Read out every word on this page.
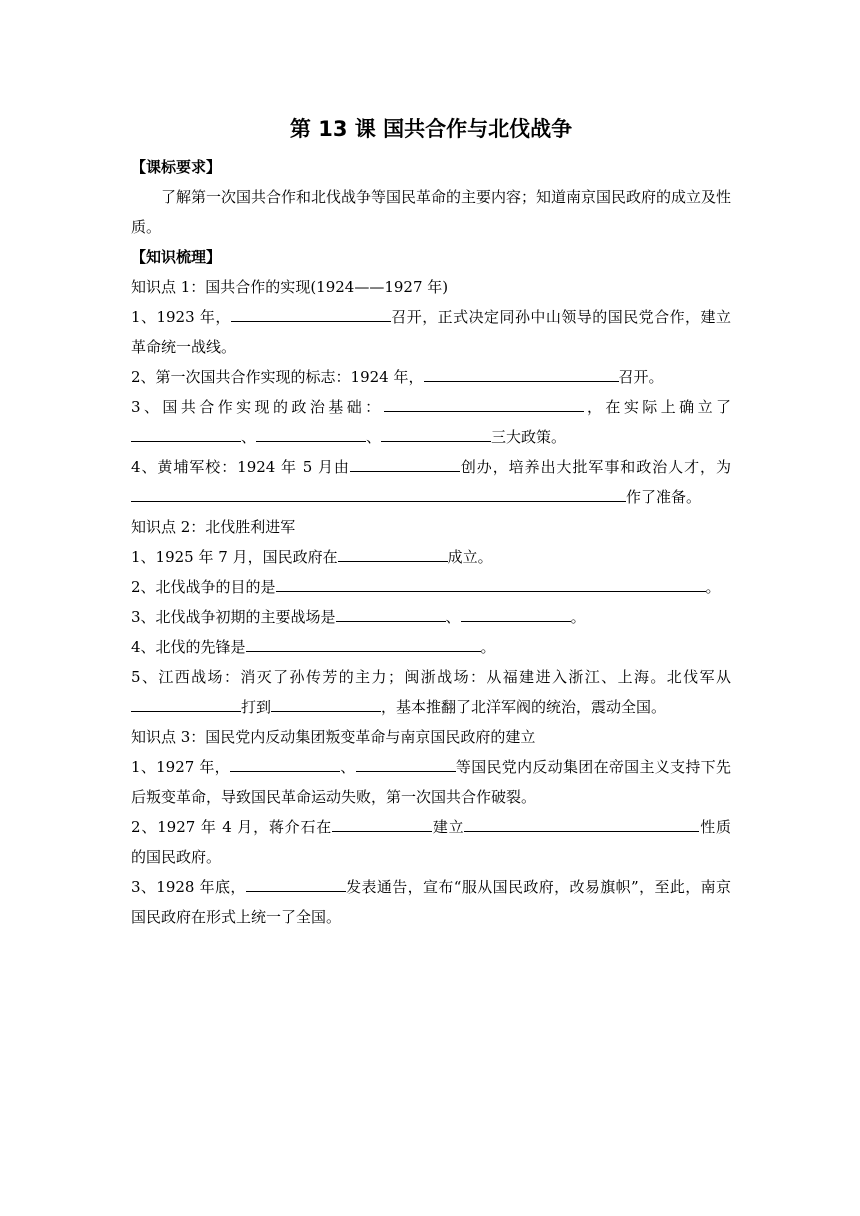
第 13 课 国共合作与北伐战争

【课标要求】

了解第一次国共合作和北伐战争等国民革命的主要内容；知道南京国民政府的成立及性质。

【知识梳理】

知识点 1：国共合作的实现(1924——1927 年)

1、1923 年，	召开，正式决定同孙中山领导的国民党合作，建立革命统一战线。

2、第一次国共合作实现的标志：1924 年，	召开。

3、国共合作实现的政治基础：	，在实际上确立了、	、	三大政策。

4、黄埔军校：1924 年 5 月由	创办，培养出大批军事和政治人才，为作了准备。

知识点 2：北伐胜利进军

1、1925 年 7 月，国民政府在	成立。

2、北伐战争的目的是	。

3、北伐战争初期的主要战场是	、	。

4、北伐的先锋是	。

5、江西战场：消灭了孙传芳的主力；闽浙战场：从福建进入浙江、上海。北伐军从打到	，基本推翻了北洋军阀的统治，震动全国。

知识点 3：国民党内反动集团叛变革命与南京国民政府的建立

1、1927 年，	、	等国民党内反动集团在帝国主义支持下先后叛变革命，导致国民革命运动失败，第一次国共合作破裂。

2、1927 年 4 月，蒋介石在	建立	性质的国民政府。

3、1928 年底，	发表通告，宣布“服从国民政府，改易旗帜”，至此，南京国民政府在形式上统一了全国。
